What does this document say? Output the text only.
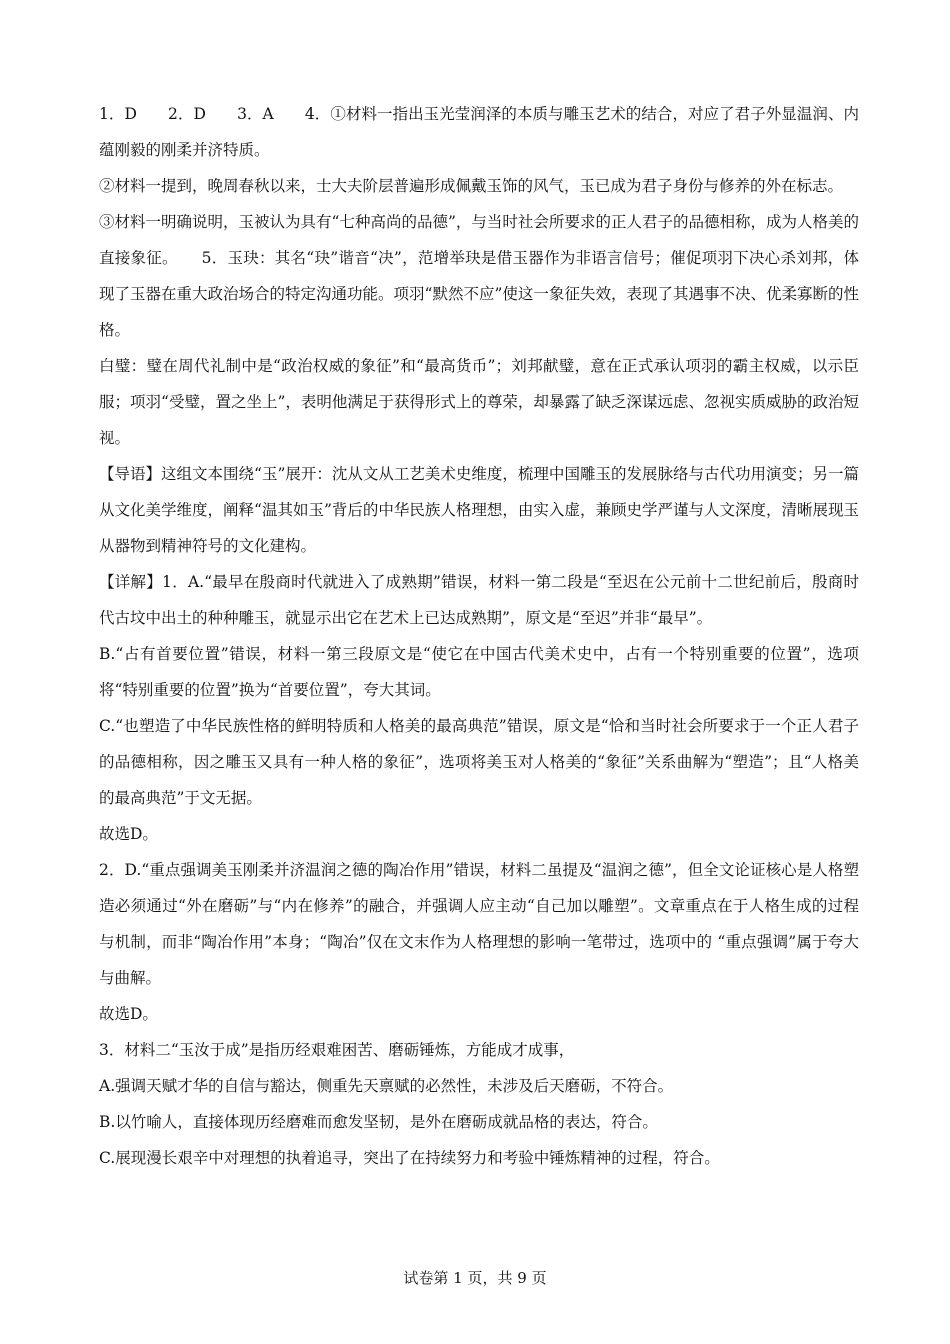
1．D　　2．D　　3．A　　4．①材料一指出玉光莹润泽的本质与雕玉艺术的结合，对应了君子外显温润、内蕴刚毅的刚柔并济特质。

②材料一提到，晚周春秋以来，士大夫阶层普遍形成佩戴玉饰的风气，玉已成为君子身份与修养的外在标志。

③材料一明确说明，玉被认为具有“七种高尚的品德”，与当时社会所要求的正人君子的品德相称，成为人格美的直接象征。　　5．玉玦：其名“玦”谐音“决”，范增举玦是借玉器作为非语言信号；催促项羽下决心杀刘邦，体现了玉器在重大政治场合的特定沟通功能。项羽“默然不应”使这一象征失效，表现了其遇事不决、优柔寡断的性格。

白璧：璧在周代礼制中是“政治权威的象征”和“最高货币”；刘邦献璧，意在正式承认项羽的霸主权威，以示臣服；项羽“受璧，置之坐上”，表明他满足于获得形式上的尊荣，却暴露了缺乏深谋远虑、忽视实质威胁的政治短视。

【导语】这组文本围绕“玉”展开：沈从文从工艺美术史维度，梳理中国雕玉的发展脉络与古代功用演变；另一篇从文化美学维度，阐释“温其如玉”背后的中华民族人格理想，由实入虚，兼顾史学严谨与人文深度，清晰展现玉从器物到精神符号的文化建构。

【详解】1．A.“最早在殷商时代就进入了成熟期”错误，材料一第二段是“至迟在公元前十二世纪前后，殷商时代古坟中出土的种种雕玉，就显示出它在艺术上已达成熟期”，原文是“至迟”并非“最早”。

B.“占有首要位置”错误，材料一第三段原文是“使它在中国古代美术史中，占有一个特别重要的位置”，选项将“特别重要的位置”换为“首要位置”，夸大其词。

C.“也塑造了中华民族性格的鲜明特质和人格美的最高典范”错误，原文是“恰和当时社会所要求于一个正人君子的品德相称，因之雕玉又具有一种人格的象征”，选项将美玉对人格美的“象征”关系曲解为“塑造”；且“人格美的最高典范”于文无据。

故选D。

2．D.“重点强调美玉刚柔并济温润之德的陶冶作用”错误，材料二虽提及“温润之德”，但全文论证核心是人格塑造必须通过“外在磨砺”与“内在修养”的融合，并强调人应主动“自己加以雕塑”。文章重点在于人格生成的过程与机制，而非“陶冶作用”本身；“陶冶”仅在文末作为人格理想的影响一笔带过，选项中的 “重点强调”属于夸大与曲解。

故选D。

3．材料二“玉汝于成”是指历经艰难困苦、磨砺锤炼，方能成才成事，

A.强调天赋才华的自信与豁达，侧重先天禀赋的必然性，未涉及后天磨砺，不符合。

B.以竹喻人，直接体现历经磨难而愈发坚韧，是外在磨砺成就品格的表达，符合。

C.展现漫长艰辛中对理想的执着追寻，突出了在持续努力和考验中锤炼精神的过程，符合。

试卷第 1 页，共 9 页
